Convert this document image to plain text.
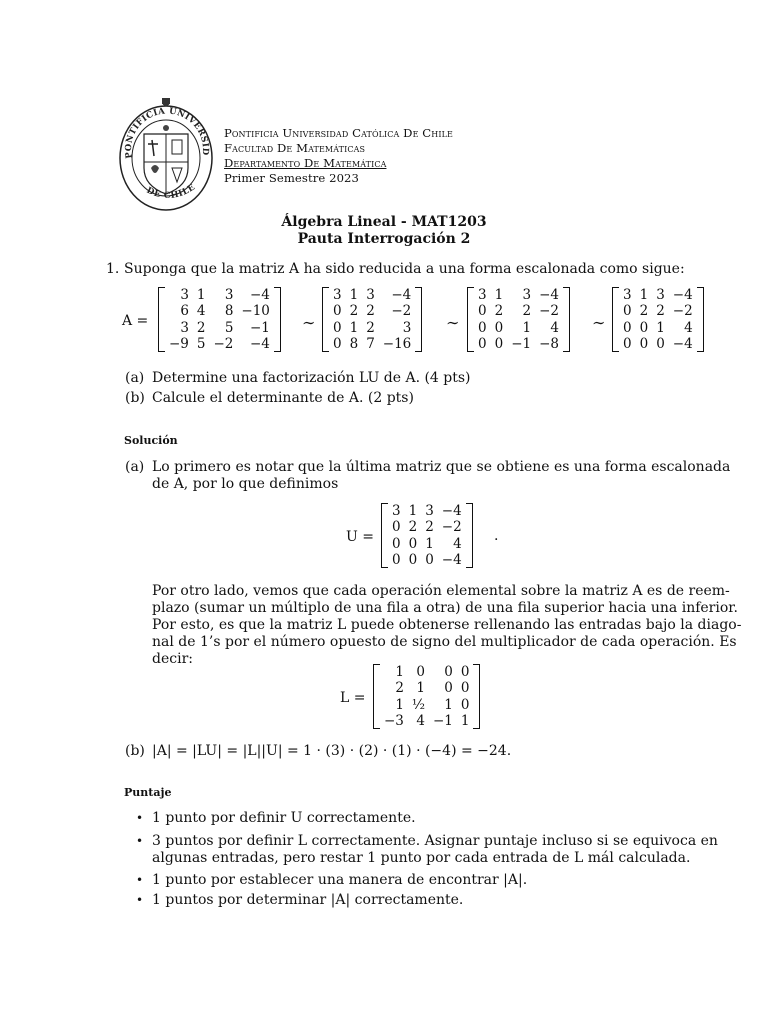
PONTIFICIA UNIVERSID
DE CHILE
Pontificia Universidad Católica De Chile
Facultad De Matemáticas
Departamento De Matemática
Primer Semestre 2023
Álgebra Lineal - MAT1203
Pauta Interrogación 2
1. Suponga que la matriz A ha sido reducida a una forma escalonada como sigue:
A =
3	1	3	−4
6	4	8	−10
3	2	5	−1
−9	5	−2	−4
∼
3	1	3	−4
0	2	2	−2
0	1	2	3
0	8	7	−16
∼
3	1	3	−4
0	2	2	−2
0	0	1	4
0	0	−1	−8
∼
3	1	3	−4
0	2	2	−2
0	0	1	4
0	0	0	−4
(a) Determine una factorización LU de A. (4 pts)
(b) Calcule el determinante de A. (2 pts)
Solución
(a) Lo primero es notar que la última matriz que se obtiene es una forma escalonada
de A, por lo que definimos
U =
3	1	3	−4
0	2	2	−2
0	0	1	4
0	0	0	−4
.
Por otro lado, vemos que cada operación elemental sobre la matriz A es de reem-
plazo (sumar un múltiplo de una fila a otra) de una fila superior hacia una inferior.
Por esto, es que la matriz L puede obtenerse rellenando las entradas bajo la diago-
nal de 1’s por el número opuesto de signo del multiplicador de cada operación. Es
decir:
L =
1	0	0	0
2	1	0	0
1	¹⁄₂	1	0
−3	4	−1	1
(b) |A| = |LU| = |L||U| = 1 · (3) · (2) · (1) · (−4) = −24.
Puntaje
• 1 punto por definir U correctamente.
• 3 puntos por definir L correctamente. Asignar puntaje incluso si se equivoca en
algunas entradas, pero restar 1 punto por cada entrada de L mál calculada.
• 1 punto por establecer una manera de encontrar |A|.
• 1 puntos por determinar |A| correctamente.
